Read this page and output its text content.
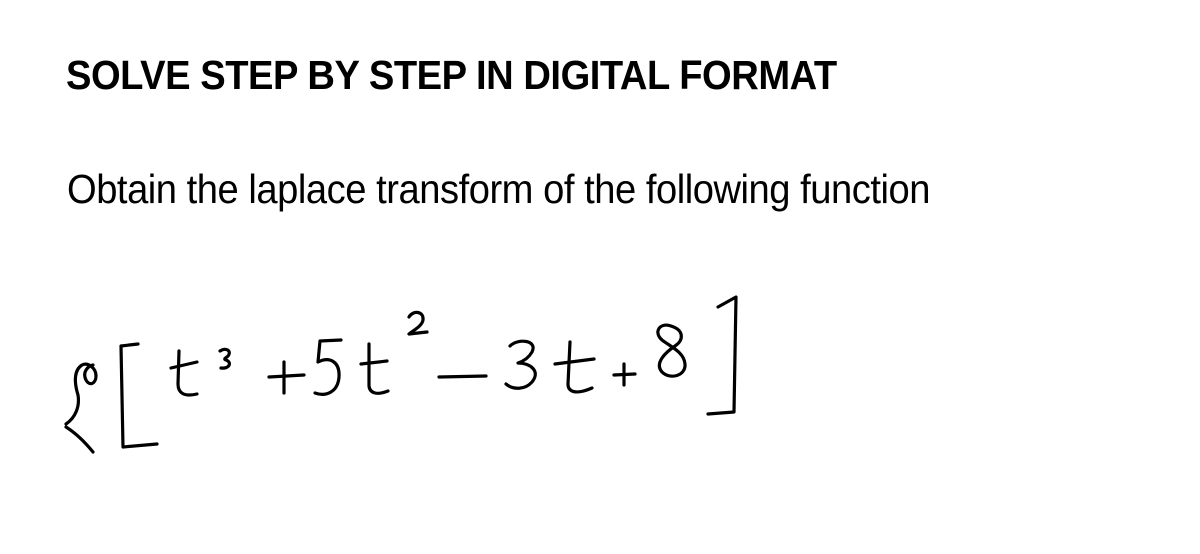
SOLVE STEP BY STEP IN DIGITAL FORMAT
Obtain the laplace transform of the following function
